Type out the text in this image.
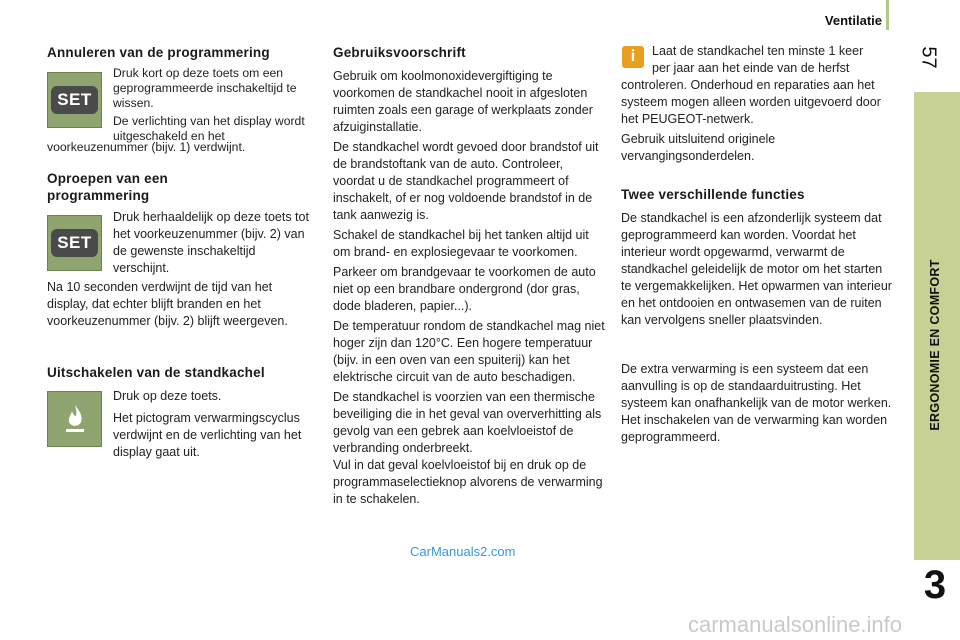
Ventilatie
57
ERGONOMIE EN COMFORT
3
Annuleren van de programmering
SET

Druk kort op deze toets om een geprogrammeerde inschakeltijd te wissen.

De verlichting van het display wordt uitgeschakeld en het

voorkeuzenummer (bijv. 1) verdwijnt.
Oproepen van een
programmering
SET
Druk herhaaldelijk op deze toets tot het voorkeuzenummer (bijv. 2) van de gewenste inschakeltijd verschijnt.
Na 10 seconden verdwijnt de tijd van het display, dat echter blijft branden en het voorkeuzenummer (bijv. 2) blijft weergeven.
Uitschakelen van de standkachel

Druk op deze toets.

Het pictogram verwarmingscyclus verdwijnt en de verlichting van het display gaat uit.

Gebruiksvoorschrift

Gebruik om koolmonoxidevergiftiging te voorkomen de standkachel nooit in afgesloten ruimten zoals een garage of werkplaats zonder afzuiginstallatie.

De standkachel wordt gevoed door brandstof uit de brandstoftank van de auto. Controleer, voordat u de standkachel programmeert of inschakelt, of er nog voldoende brandstof in de tank aanwezig is.

Schakel de standkachel bij het tanken altijd uit om brand- en explosiegevaar te voorkomen.

Parkeer om brandgevaar te voorkomen de auto niet op een brandbare ondergrond (dor gras, dode bladeren, papier...).

De temperatuur rondom de standkachel mag niet hoger zijn dan 120°C. Een hogere temperatuur (bijv. in een oven van een spuiterij) kan het elektrische circuit van de auto beschadigen.

De standkachel is voorzien van een thermische beveiliging die in het geval van oververhitting als gevolg van een gebrek aan koelvloeistof de verbranding onderbreekt.

Vul in dat geval koelvloeistof bij en druk op de programmaselectieknop alvorens de verwarming in te schakelen.

CarManuals2.com
i Laat de standkachel ten minste 1 keer
per jaar aan het einde van de herfst

controleren. Onderhoud en reparaties aan het systeem mogen alleen worden uitgevoerd door het PEUGEOT-netwerk.

Gebruik uitsluitend originele vervangingsonderdelen.

Twee verschillende functies
De standkachel is een afzonderlijk systeem dat geprogrammeerd kan worden. Voordat het interieur wordt opgewarmd, verwarmt de standkachel geleidelijk de motor om het starten te vergemakkelijken. Het opwarmen van interieur en het ontdooien en ontwasemen van de ruiten kan vervolgens sneller plaatsvinden.
De extra verwarming is een systeem dat een aanvulling is op de standaarduitrusting. Het systeem kan onafhankelijk van de motor werken. Het inschakelen van de verwarming kan worden geprogrammeerd.
carmanualsonline.info
